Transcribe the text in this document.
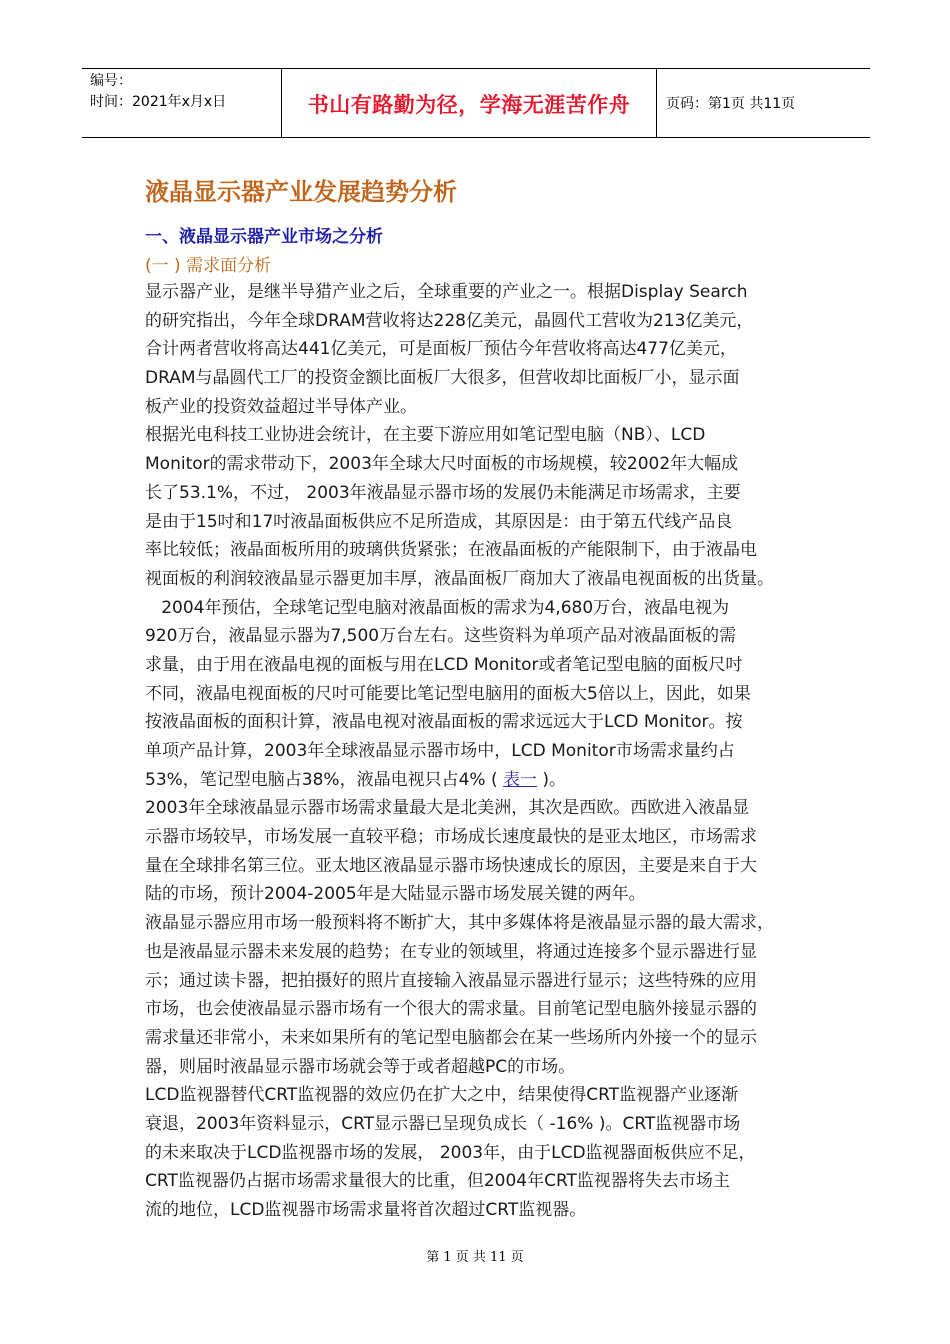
编号：
时间：2021年x月x日	书山有路勤为径，学海无涯苦作舟	页码：第1页 共11页
液晶显示器产业发展趋势分析
一、液晶显示器产业市场之分析
(一 ) 需求面分析
显示器产业，是继半导猎产业之后，全球重要的产业之一。根据Display Search
的研究指出，今年全球DRAM营收将达228亿美元，晶圆代工营收为213亿美元，
合计两者营收将高达441亿美元，可是面板厂预估今年营收将高达477亿美元，
DRAM与晶圆代工厂的投资金额比面板厂大很多，但营收却比面板厂小，显示面
板产业的投资效益超过半导体产业。
根据光电科技工业协进会统计，在主要下游应用如笔记型电脑（NB）、LCD
Monitor的需求带动下，2003年全球大尺吋面板的市场规模，较2002年大幅成
长了53.1%，不过， 2003年液晶显示器市场的发展仍未能满足市场需求，主要
是由于15吋和17吋液晶面板供应不足所造成，其原因是：由于第五代线产品良
率比较低；液晶面板所用的玻璃供货紧张；在液晶面板的产能限制下，由于液晶电
视面板的利润较液晶显示器更加丰厚，液晶面板厂商加大了液晶电视面板的出货量。
2004年预估，全球笔记型电脑对液晶面板的需求为4,680万台，液晶电视为
920万台，液晶显示器为7,500万台左右。这些资料为单项产品对液晶面板的需
求量，由于用在液晶电视的面板与用在LCD Monitor或者笔记型电脑的面板尺吋
不同，液晶电视面板的尺吋可能要比笔记型电脑用的面板大5倍以上，因此，如果
按液晶面板的面积计算，液晶电视对液晶面板的需求远远大于LCD Monitor。按
单项产品计算，2003年全球液晶显示器市场中，LCD Monitor市场需求量约占
53%，笔记型电脑占38%，液晶电视只占4% ( 表一 )。
2003年全球液晶显示器市场需求量最大是北美洲，其次是西欧。西欧进入液晶显
示器市场较早，市场发展一直较平稳；市场成长速度最快的是亚太地区，市场需求
量在全球排名第三位。亚太地区液晶显示器市场快速成长的原因，主要是来自于大
陆的市场，预计2004-2005年是大陆显示器市场发展关键的两年。
液晶显示器应用市场一般预料将不断扩大，其中多媒体将是液晶显示器的最大需求，
也是液晶显示器未来发展的趋势；在专业的领域里，将通过连接多个显示器进行显
示；通过读卡器，把拍摄好的照片直接输入液晶显示器进行显示；这些特殊的应用
市场，也会使液晶显示器市场有一个很大的需求量。目前笔记型电脑外接显示器的
需求量还非常小，未来如果所有的笔记型电脑都会在某一些场所内外接一个的显示
器，则届时液晶显示器市场就会等于或者超越PC的市场。
LCD监视器替代CRT监视器的效应仍在扩大之中，结果使得CRT监视器产业逐渐
衰退，2003年资料显示，CRT显示器已呈现负成长（ -16% )。CRT监视器市场
的未来取决于LCD监视器市场的发展， 2003年，由于LCD监视器面板供应不足，
CRT监视器仍占据市场需求量很大的比重，但2004年CRT监视器将失去市场主
流的地位，LCD监视器市场需求量将首次超过CRT监视器。
第 1 页 共 11 页
